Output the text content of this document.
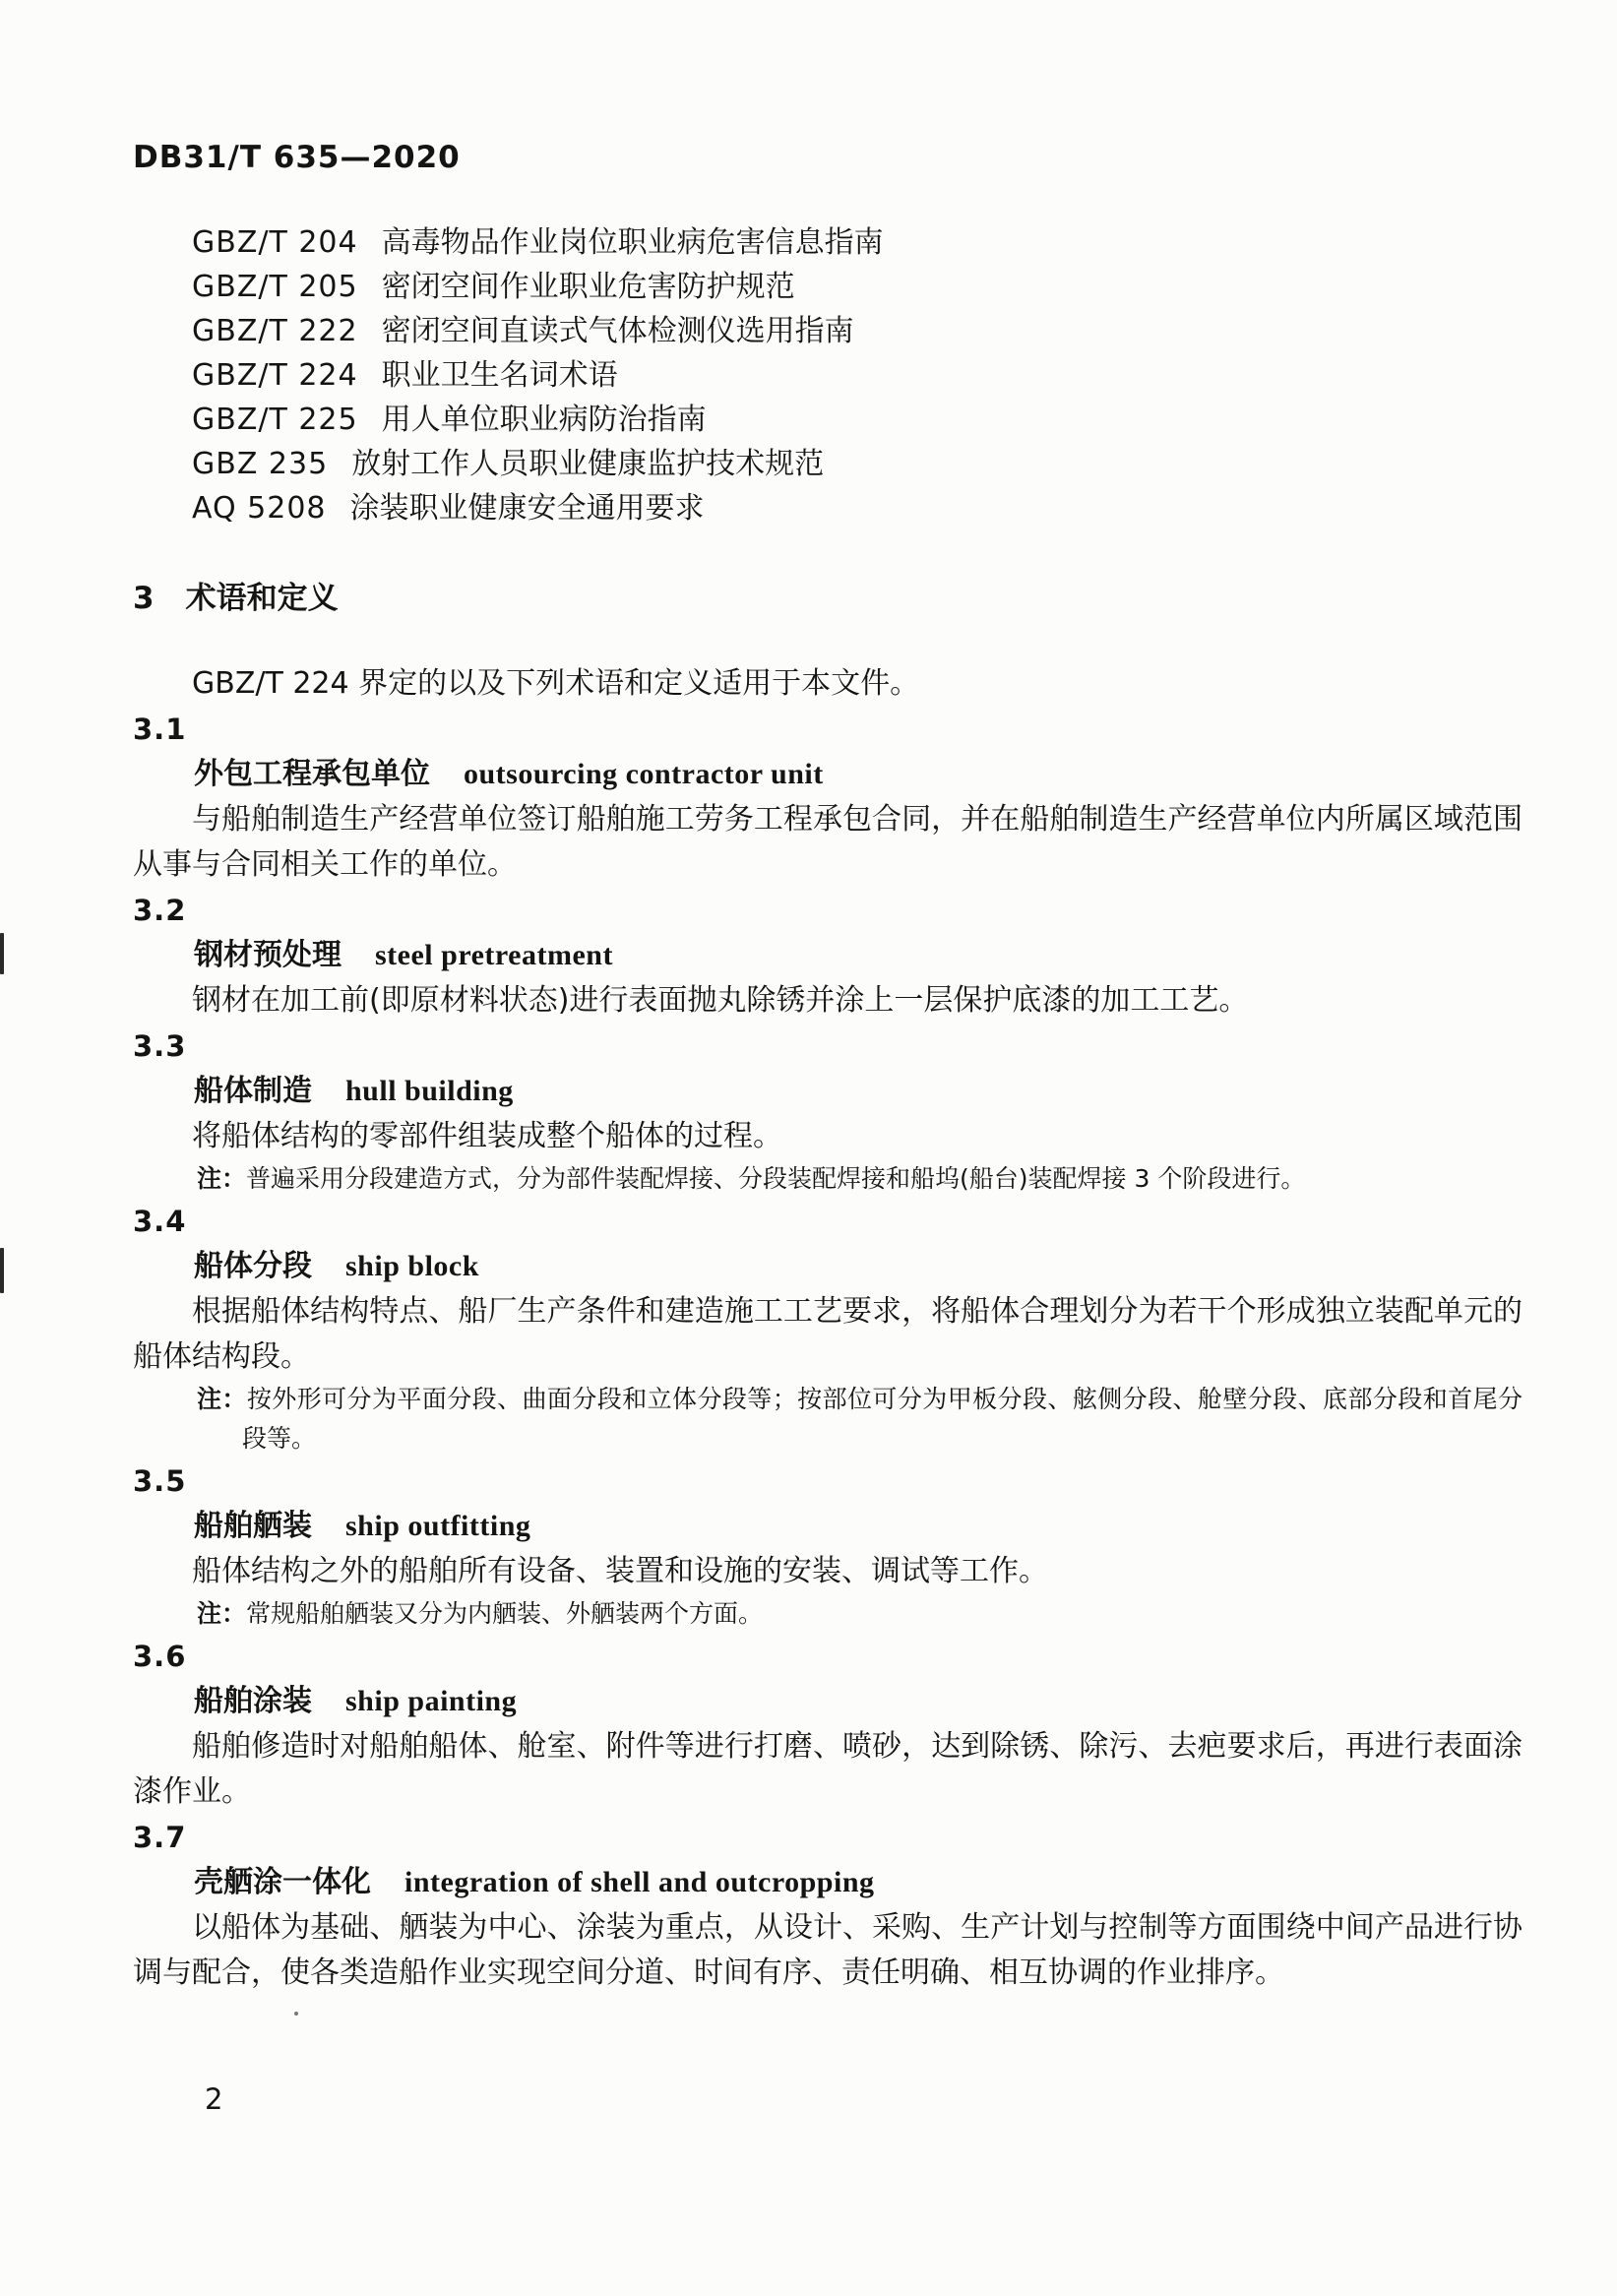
DB31/T 635—2020
GBZ/T 204 高毒物品作业岗位职业病危害信息指南
GBZ/T 205 密闭空间作业职业危害防护规范
GBZ/T 222 密闭空间直读式气体检测仪选用指南
GBZ/T 224 职业卫生名词术语
GBZ/T 225 用人单位职业病防治指南
GBZ 235 放射工作人员职业健康监护技术规范
AQ 5208 涂装职业健康安全通用要求
3 术语和定义

GBZ/T 224 界定的以及下列术语和定义适用于本文件。

3.1
外包工程承包单位 outsourcing contractor unit

与船舶制造生产经营单位签订船舶施工劳务工程承包合同，并在船舶制造生产经营单位内所属区域范围从事与合同相关工作的单位。

3.2
钢材预处理 steel pretreatment

钢材在加工前(即原材料状态)进行表面抛丸除锈并涂上一层保护底漆的加工工艺。

3.3
船体制造 hull building

将船体结构的零部件组装成整个船体的过程。

注：普遍采用分段建造方式，分为部件装配焊接、分段装配焊接和船坞(船台)装配焊接 3 个阶段进行。

3.4
船体分段 ship block

根据船体结构特点、船厂生产条件和建造施工工艺要求，将船体合理划分为若干个形成独立装配单元的船体结构段。

注：按外形可分为平面分段、曲面分段和立体分段等；按部位可分为甲板分段、舷侧分段、舱壁分段、底部分段和首尾分段等。

3.5
船舶舾装 ship outfitting

船体结构之外的船舶所有设备、装置和设施的安装、调试等工作。

注：常规船舶舾装又分为内舾装、外舾装两个方面。

3.6
船舶涂装 ship painting

船舶修造时对船舶船体、舱室、附件等进行打磨、喷砂，达到除锈、除污、去疤要求后，再进行表面涂漆作业。

3.7
壳舾涂一体化 integration of shell and outcropping

以船体为基础、舾装为中心、涂装为重点，从设计、采购、生产计划与控制等方面围绕中间产品进行协调与配合，使各类造船作业实现空间分道、时间有序、责任明确、相互协调的作业排序。

2
